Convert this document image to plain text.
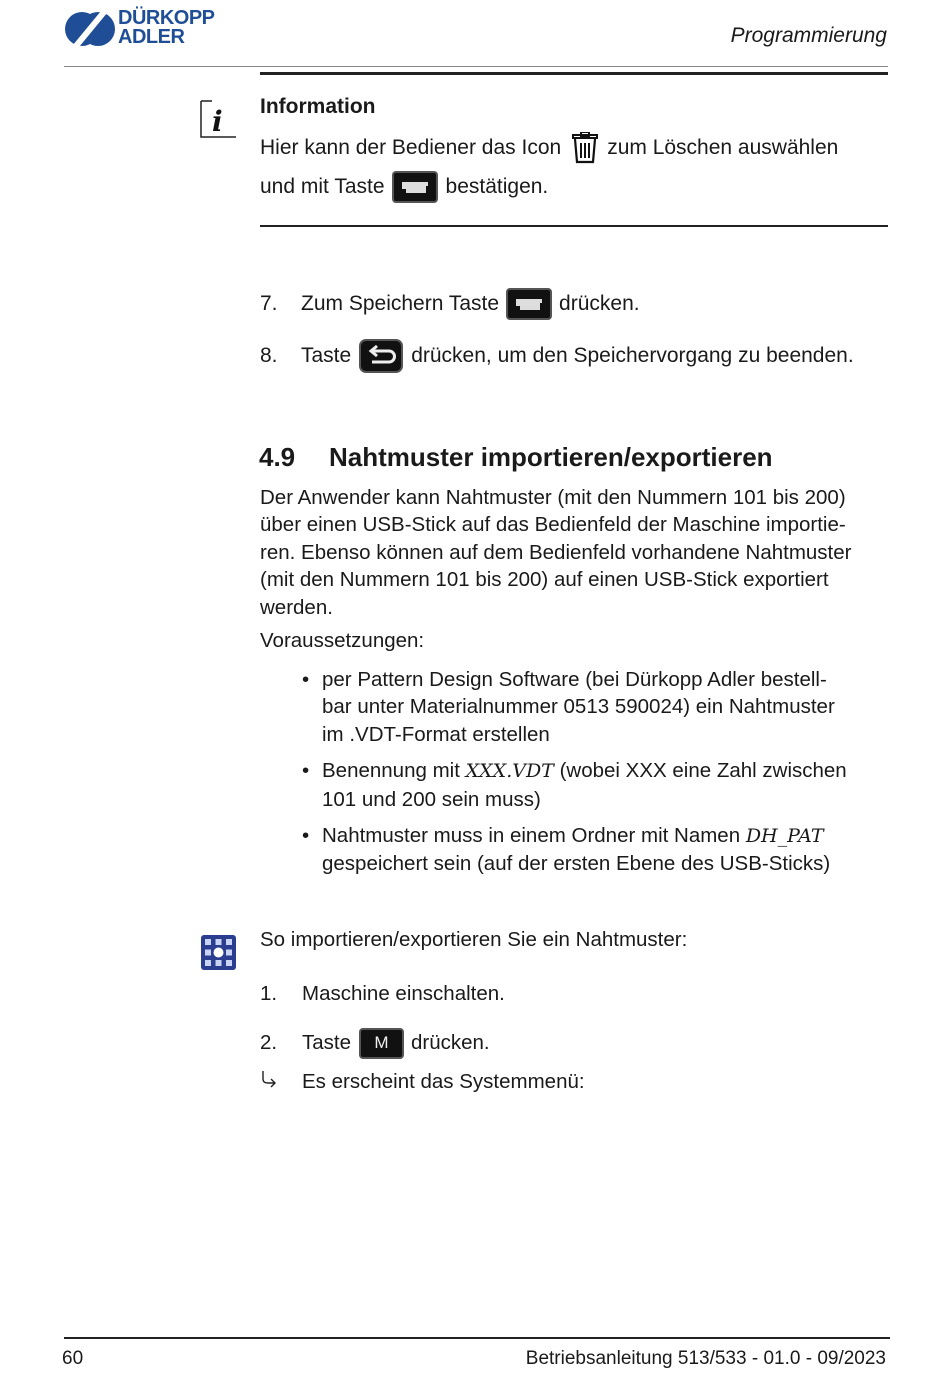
DÜRKOPP
ADLER	Programmierung
i Information
Hier kann der Bediener das Icon zum Löschen auswählen
und mit Taste	bestätigen.
7.	Zum Speichern Taste	drücken.
8.	Taste	drücken, um den Speichervorgang zu beenden.
4.9 Nahtmuster importieren/exportieren
Der Anwender kann Nahtmuster (mit den Nummern 101 bis 200)
über einen USB-Stick auf das Bedienfeld der Maschine importie-
ren. Ebenso können auf dem Bedienfeld vorhandene Nahtmuster
(mit den Nummern 101 bis 200) auf einen USB-Stick exportiert
werden.
Voraussetzungen:
• per Pattern Design Software (bei Dürkopp Adler bestell-
bar unter Materialnummer 0513 590024) ein Nahtmuster
im .VDT-Format erstellen
• Benennung mit XXX.VDT (wobei XXX eine Zahl zwischen
101 und 200 sein muss)
• Nahtmuster muss in einem Ordner mit Namen DH_PAT
gespeichert sein (auf der ersten Ebene des USB-Sticks)
So importieren/exportieren Sie ein Nahtmuster:
1. Maschine einschalten.
2.	Taste	M	drücken.
Es erscheint das Systemmenü:
60	Betriebsanleitung 513/533 - 01.0 - 09/2023
